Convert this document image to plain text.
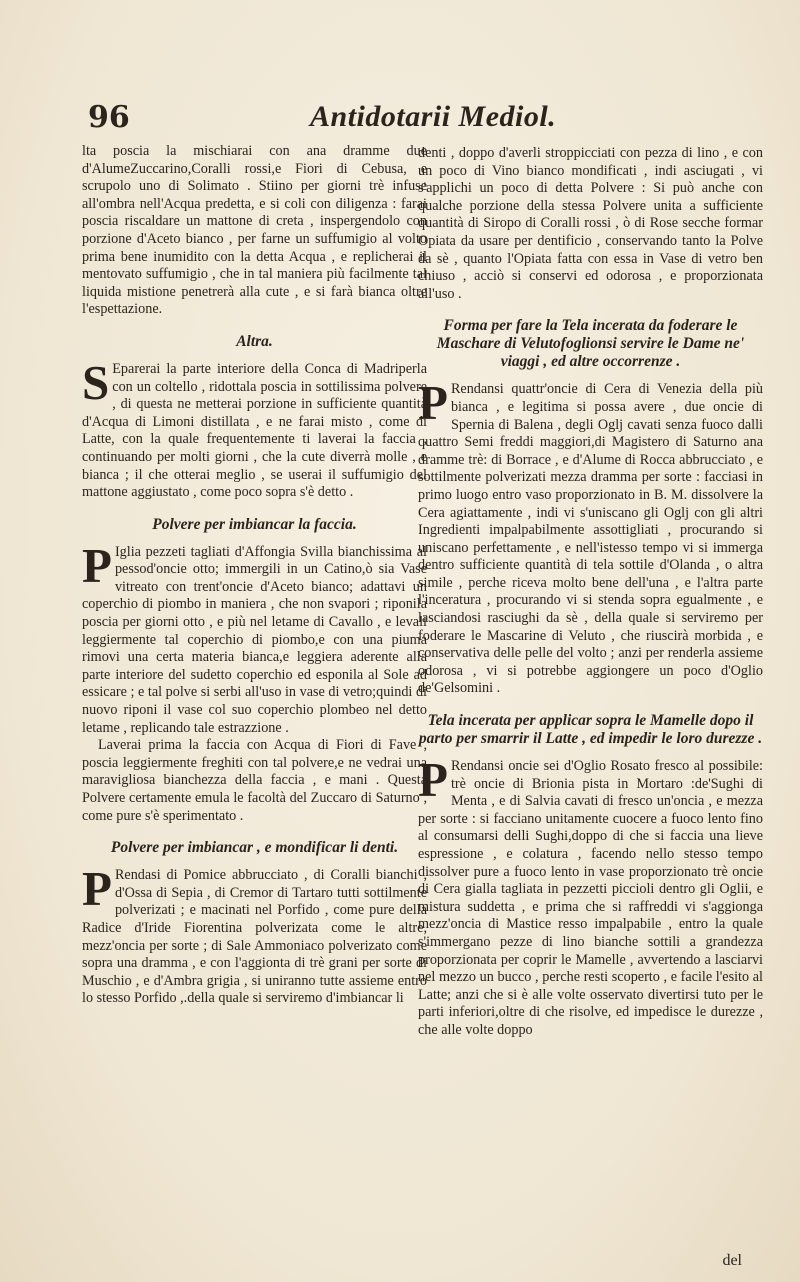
96	Antidotarii Mediol.

lta poscia la mischiarai con ana dramme due d'AlumeZuccarino,Coralli rossi,e Fiori di Cebusa, e scrupolo uno di Solimato . Stiino per giorni trè infuse all'ombra nell'Acqua predetta, e si coli con diligenza : farai poscia riscaldare un mattone di creta , inspergendolo con porzione d'Aceto bianco , per farne un suffumigio al volto prima bene inumidito con la detta Acqua , e replicherai il mentovato suffumigio , che in tal maniera più facilmente tal liquida mistione penetrerà alla cute , e si farà bianca oltre l'espettazione.

Altra.

S Eparerai la parte interiore della Conca di Madriperla con un coltello , ridottala poscia in sottilissima polvere , di questa ne metterai porzione in sufficiente quantità d'Acqua di Limoni distillata , e ne farai misto , come di Latte, con la quale frequentemente ti laverai la faccia , continuando per molti giorni , che la cute diverrà molle , e bianca ; il che otterai meglio , se userai il suffumigio del mattone aggiustato , come poco sopra s'è detto .

Polvere per imbiancar la faccia.

P Iglia pezzeti tagliati d'Affongia Svilla bianchissima al pessod'oncie otto; immergili in un Catino,ò sia Vase vitreato con trent'oncie d'Aceto bianco; adattavi un coperchio di piombo in maniera , che non svapori ; riponila poscia per giorni otto , e più nel letame di Cavallo , e levali leggiermente tal coperchio di piombo,e con una piuma rimovi una certa materia bianca,e leggiera aderente alla parte interiore del sudetto coperchio ed esponila al Sole ad essicare ; e tal polve si serbi all'uso in vase di vetro;quindi di nuovo riponi il vase col suo coperchio plombeo nel detto letame , replicando tale estrazzione .

Laverai prima la faccia con Acqua di Fiori di Fave , poscia leggiermente freghiti con tal polvere,e ne vedrai una maravigliosa bianchezza della faccia , e mani . Questa Polvere certamente emula le facoltà del Zuccaro di Saturno , come pure s'è sperimentato .

Polvere per imbiancar , e mondificar li denti.

P Rendasi di Pomice abbrucciato , di Coralli bianchi , d'Ossa di Sepia , di Cremor di Tartaro tutti sottilmente polverizati ; e macinati nel Porfido , come pure della Radice d'Iride Fiorentina polverizata come le altre, mezz'oncia per sorte ; di Sale Ammoniaco polverizato come sopra una dramma , e con l'aggionta di trè grani per sorte di Muschio , e d'Ambra grigia , si uniranno tutte assieme entro lo stesso Porfido ,.della quale si serviremo d'imbiancar li

denti , doppo d'averli stroppicciati con pezza di lino , e con un poco di Vino bianco mondificati , indi asciugati , vi s'applichi un poco di detta Polvere : Si può anche con qualche porzione della stessa Polvere unita a sufficiente quantità di Siropo di Coralli rossi , ò di Rose secche formar Opiata da usare per dentificio , conservando tanto la Polve da sè , quanto l'Opiata fatta con essa in Vase di vetro ben chiuso , acciò si conservi ed odorosa , e proporzionata all'uso .

Forma per fare la Tela incerata da foderare le Maschare di Velutofoglionsi servire le Dame ne' viaggi , ed altre occorrenze .

P Rendansi quattr'oncie di Cera di Venezia della più bianca , e legitima si possa avere , due oncie di Spernia di Balena , degli Oglj cavati senza fuoco dalli quattro Semi freddi maggiori,di Magistero di Saturno ana dramme trè: di Borrace , e d'Alume di Rocca abbrucciato , e sottilmente polverizati mezza dramma per sorte : facciasi in primo luogo entro vaso proporzionato in B. M. dissolvere la Cera agiattamente , indi vi s'uniscano gli Oglj con gli altri Ingredienti impalpabilmente assottigliati , procurando si uniscano perfettamente , e nell'istesso tempo vi si immerga dentro sufficiente quantità di tela sottile d'Olanda , o altra simile , perche riceva molto bene dell'una , e l'altra parte l'inceratura , procurando vi si stenda sopra egualmente , e lasciandosi rasciughi da sè , della quale si serviremo per foderare le Mascarine di Veluto , che riuscirà morbida , e conservativa delle pelle del volto ; anzi per renderla assieme odorosa , vi si potrebbe aggiongere un poco d'Oglio de'Gelsomini .

Tela incerata per applicar sopra le Mamelle dopo il parto per smarrir il Latte , ed impedir le loro durezze .

P Rendansi oncie sei d'Oglio Rosato fresco al possibile: trè oncie di Brionia pista in Mortaro :de'Sughi di Menta , e di Salvia cavati di fresco un'oncia , e mezza per sorte : si facciano unitamente cuocere a fuoco lento fino al consumarsi delli Sughi,doppo di che si faccia una lieve espressione , e colatura , facendo nello stesso tempo dissolver pure a fuoco lento in vase proporzionato trè oncie di Cera gialla tagliata in pezzetti piccioli dentro gli Oglii, e mistura suddetta , e prima che si raffreddi vi s'aggionga mezz'oncia di Mastice resso impalpabile , entro la quale s'immergano pezze di lino bianche sottili a grandezza proporzionata per coprir le Mamelle , avvertendo a lasciarvi nel mezzo un bucco , perche resti scoperto , e facile l'esito al Latte; anzi che si è alle volte osservato divertirsi tuto per le parti inferiori,oltre di che risolve, ed impedisce le durezze , che alle volte doppo

del
